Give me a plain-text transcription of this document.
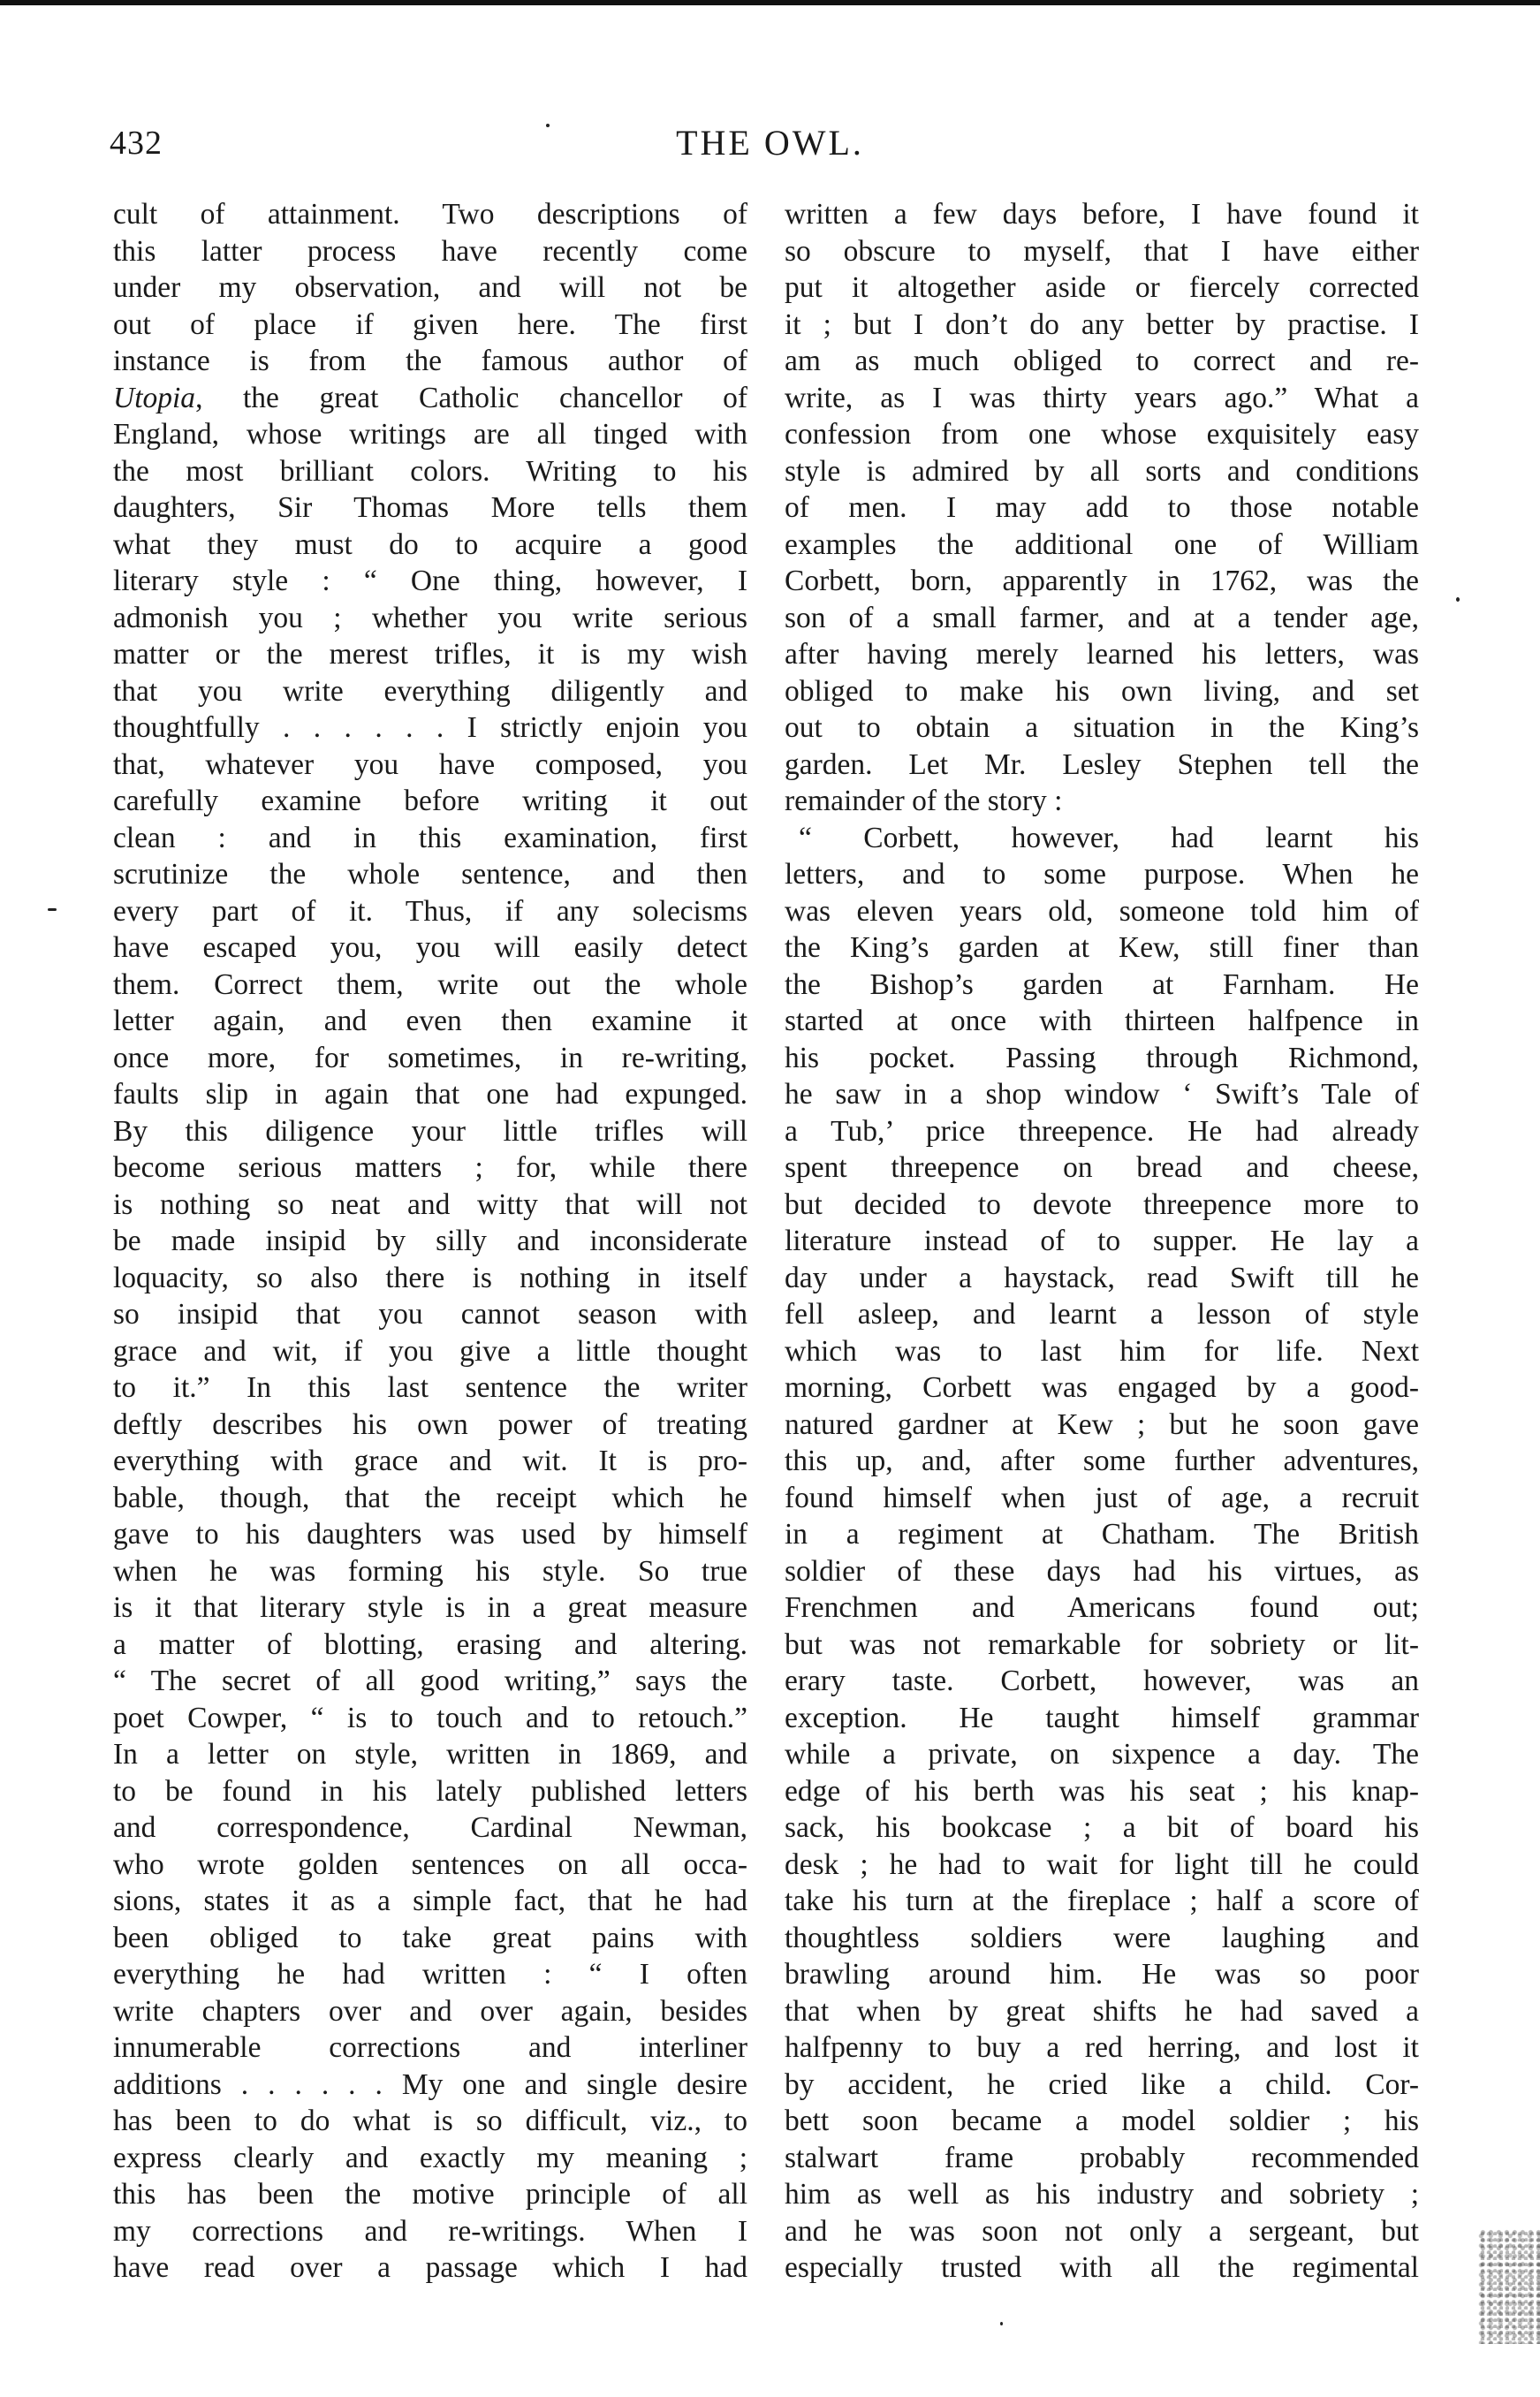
432	THE OWL.
cult of attainment. Two descriptions of
this latter process have recently come
under my observation, and will not be
out of place if given here. The first
instance is from the famous author of
Utopia, the great Catholic chancellor of
England, whose writings are all tinged with
the most brilliant colors. Writing to his
daughters, Sir Thomas More tells them
what they must do to acquire a good
literary style : “ One thing, however, I
admonish you ; whether you write serious
matter or the merest trifles, it is my wish
that you write everything diligently and
thoughtfully . . . . . . I strictly enjoin you
that, whatever you have composed, you
carefully examine before writing it out
clean : and in this examination, first
scrutinize the whole sentence, and then
every part of it. Thus, if any solecisms
have escaped you, you will easily detect
them. Correct them, write out the whole
letter again, and even then examine it
once more, for sometimes, in re-writing,
faults slip in again that one had expunged.
By this diligence your little trifles will
become serious matters ; for, while there
is nothing so neat and witty that will not
be made insipid by silly and inconsiderate
loquacity, so also there is nothing in itself
so insipid that you cannot season with
grace and wit, if you give a little thought
to it.” In this last sentence the writer
deftly describes his own power of treating
everything with grace and wit. It is pro-
bable, though, that the receipt which he
gave to his daughters was used by himself
when he was forming his style. So true
is it that literary style is in a great measure
a matter of blotting, erasing and altering.
“ The secret of all good writing,” says the
poet Cowper, “ is to touch and to retouch.”
In a letter on style, written in 1869, and
to be found in his lately published letters
and correspondence, Cardinal Newman,
who wrote golden sentences on all occa-
sions, states it as a simple fact, that he had
been obliged to take great pains with
everything he had written : “ I often
write chapters over and over again, besides
innumerable corrections and interliner
additions . . . . . . My one and single desire
has been to do what is so difficult, viz., to
express clearly and exactly my meaning ;
this has been the motive principle of all
my corrections and re-writings. When I
have read over a passage which I had
written a few days before, I have found it
so obscure to myself, that I have either
put it altogether aside or fiercely corrected
it ; but I don’t do any better by practise. I
am as much obliged to correct and re-
write, as I was thirty years ago.” What a
confession from one whose exquisitely easy
style is admired by all sorts and conditions
of men. I may add to those notable
examples the additional one of William
Corbett, born, apparently in 1762, was the
son of a small farmer, and at a tender age,
after having merely learned his letters, was
obliged to make his own living, and set
out to obtain a situation in the King’s
garden. Let Mr. Lesley Stephen tell the
remainder of the story :
“ Corbett, however, had learnt his
letters, and to some purpose. When he
was eleven years old, someone told him of
the King’s garden at Kew, still finer than
the Bishop’s garden at Farnham. He
started at once with thirteen halfpence in
his pocket. Passing through Richmond,
he saw in a shop window ‘ Swift’s Tale of
a Tub,’ price threepence. He had already
spent threepence on bread and cheese,
but decided to devote threepence more to
literature instead of to supper. He lay a
day under a haystack, read Swift till he
fell asleep, and learnt a lesson of style
which was to last him for life. Next
morning, Corbett was engaged by a good-
natured gardner at Kew ; but he soon gave
this up, and, after some further adventures,
found himself when just of age, a recruit
in a regiment at Chatham. The British
soldier of these days had his virtues, as
Frenchmen and Americans found out;
but was not remarkable for sobriety or lit-
erary taste. Corbett, however, was an
exception. He taught himself grammar
while a private, on sixpence a day. The
edge of his berth was his seat ; his knap-
sack, his bookcase ; a bit of board his
desk ; he had to wait for light till he could
take his turn at the fireplace ; half a score of
thoughtless soldiers were laughing and
brawling around him. He was so poor
that when by great shifts he had saved a
halfpenny to buy a red herring, and lost it
by accident, he cried like a child. Cor-
bett soon became a model soldier ; his
stalwart frame probably recommended
him as well as his industry and sobriety ;
and he was soon not only a sergeant, but
especially trusted with all the regimental
